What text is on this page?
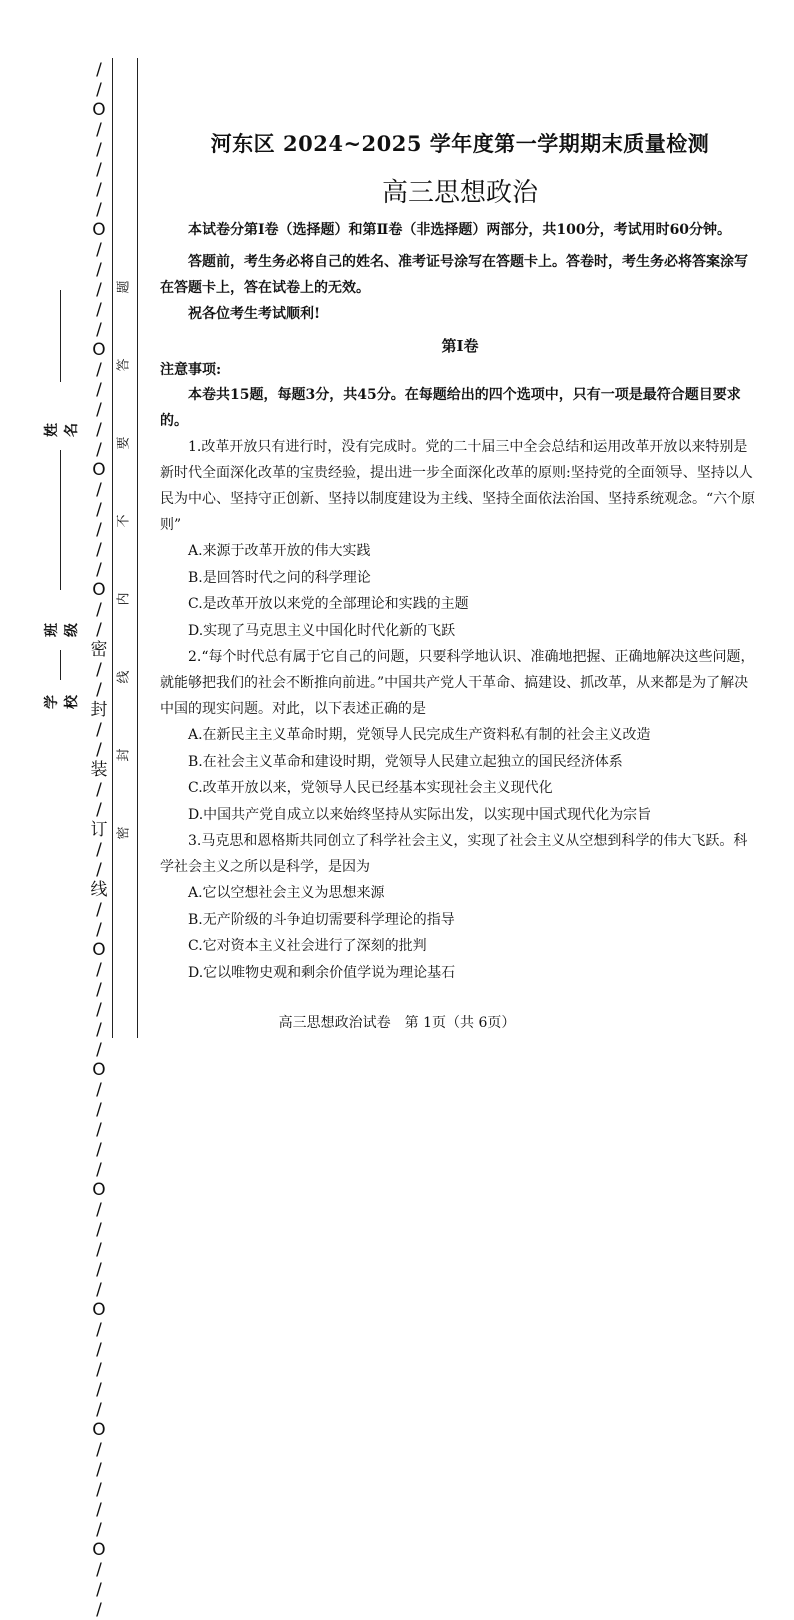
/
/
O
/
/
/
/
/
O
/
/
/
/
/
O
/
/
/
/
/
O
/
/
/
/
/
O
/
/
密
/
/
封
/
/
装
/
/
订
/
/
线
/
/
O
/
/
/
/
/
O
/
/
/
/
/
O
/
/
/
/
/
O
/
/
/
/
/
O
/
/
/
/
/
O
/
/
/
题
答
要
不
内
线
封
密
姓名
班级
学校
河东区 2024~2025 学年度第一学期期末质量检测
高三思想政治

本试卷分第Ⅰ卷（选择题）和第Ⅱ卷（非选择题）两部分，共100分，考试用时60分钟。

答题前，考生务必将自己的姓名、准考证号涂写在答题卡上。答卷时，考生务必将答案涂写在答题卡上，答在试卷上的无效。

祝各位考生考试顺利!

第Ⅰ卷
注意事项:

本卷共15题，每题3分，共45分。在每题给出的四个选项中，只有一项是最符合题目要求的。

1.改革开放只有进行时，没有完成时。党的二十届三中全会总结和运用改革开放以来特别是新时代全面深化改革的宝贵经验，提出进一步全面深化改革的原则:坚持党的全面领导、坚持以人民为中心、坚持守正创新、坚持以制度建设为主线、坚持全面依法治国、坚持系统观念。“六个原则”

A.来源于改革开放的伟大实践
B.是回答时代之问的科学理论
C.是改革开放以来党的全部理论和实践的主题
D.实现了马克思主义中国化时代化新的飞跃

2.“每个时代总有属于它自己的问题，只要科学地认识、准确地把握、正确地解决这些问题，就能够把我们的社会不断推向前进。”中国共产党人干革命、搞建设、抓改革，从来都是为了解决中国的现实问题。对此，以下表述正确的是

A.在新民主主义革命时期，党领导人民完成生产资料私有制的社会主义改造
B.在社会主义革命和建设时期，党领导人民建立起独立的国民经济体系
C.改革开放以来，党领导人民已经基本实现社会主义现代化
D.中国共产党自成立以来始终坚持从实际出发，以实现中国式现代化为宗旨

3.马克思和恩格斯共同创立了科学社会主义，实现了社会主义从空想到科学的伟大飞跃。科学社会主义之所以是科学，是因为

A.它以空想社会主义为思想来源
B.无产阶级的斗争迫切需要科学理论的指导
C.它对资本主义社会进行了深刻的批判
D.它以唯物史观和剩余价值学说为理论基石
高三思想政治试卷　第 1页（共 6页）
